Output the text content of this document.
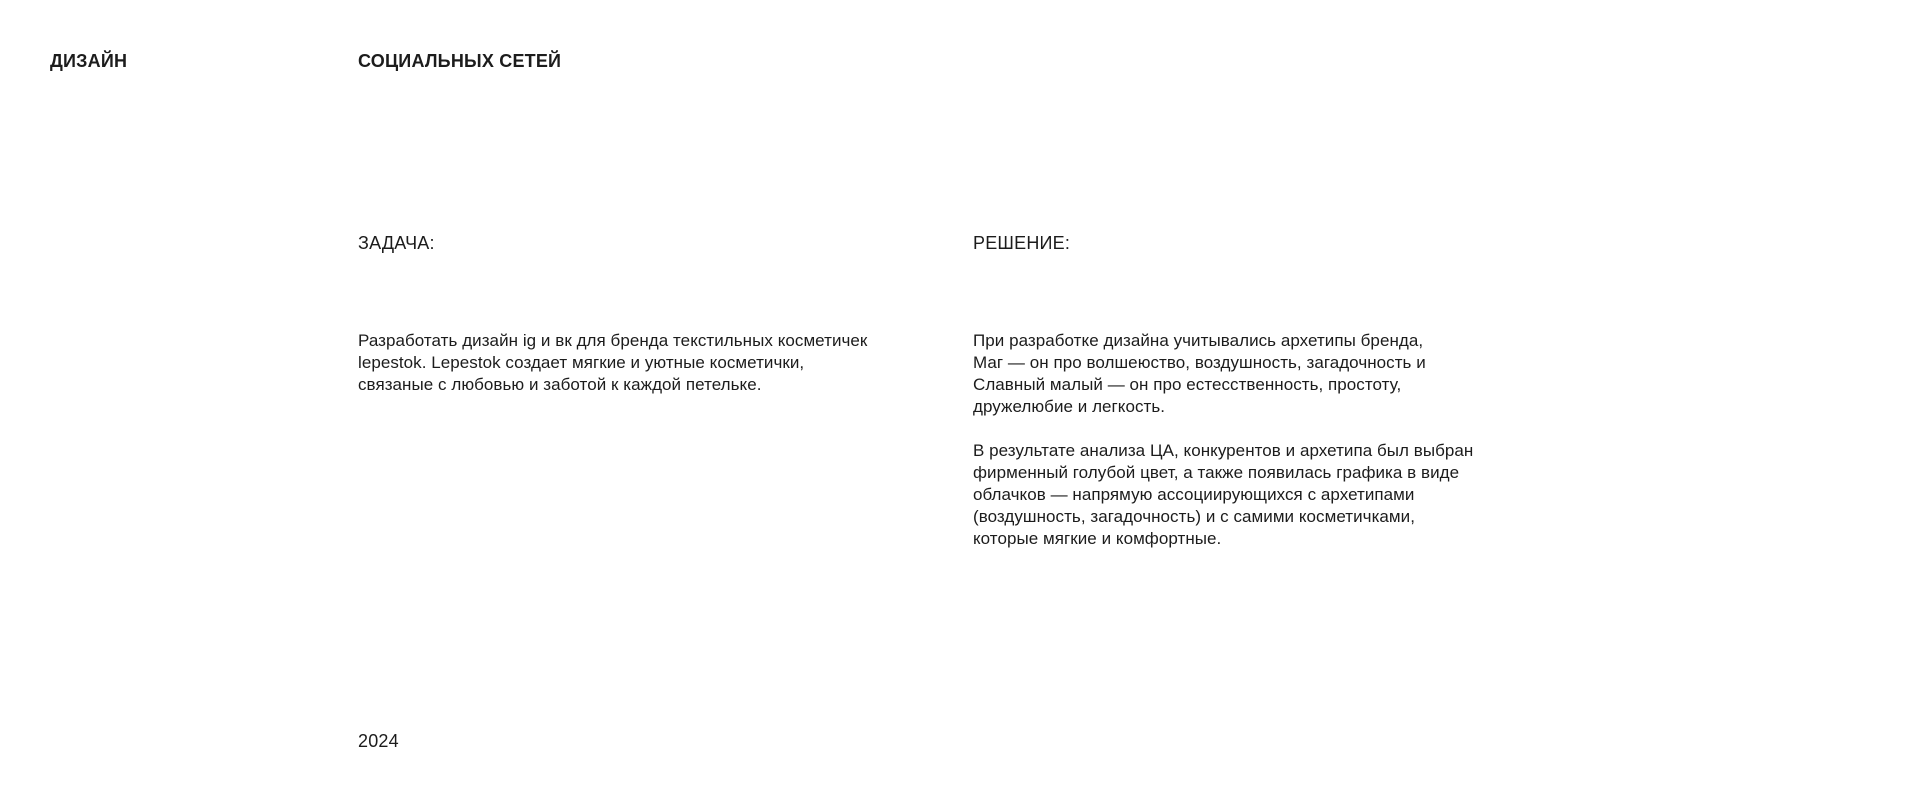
ДИЗАЙН	СОЦИАЛЬНЫХ СЕТЕЙ
ЗАДАЧА:

Разработать дизайн ig и вк для бренда текстильных косметичек

lepestok. Lepestok создает мягкие и уютные косметички,

связаные с любовью и заботой к каждой петельке.

РЕШЕНИЕ:

При разработке дизайна учитывались архетипы бренда,

Маг — он про волшеюство, воздушность, загадочность и

Славный малый — он про естесственность, простоту,

дружелюбие и легкость.

В результате анализа ЦА, конкурентов и архетипа был выбран

фирменный голубой цвет, а также появилась графика в виде

облачков — напрямую ассоциирующихся с архетипами

(воздушность, загадочность) и с самими косметичками,

которые мягкие и комфортные.

2024
